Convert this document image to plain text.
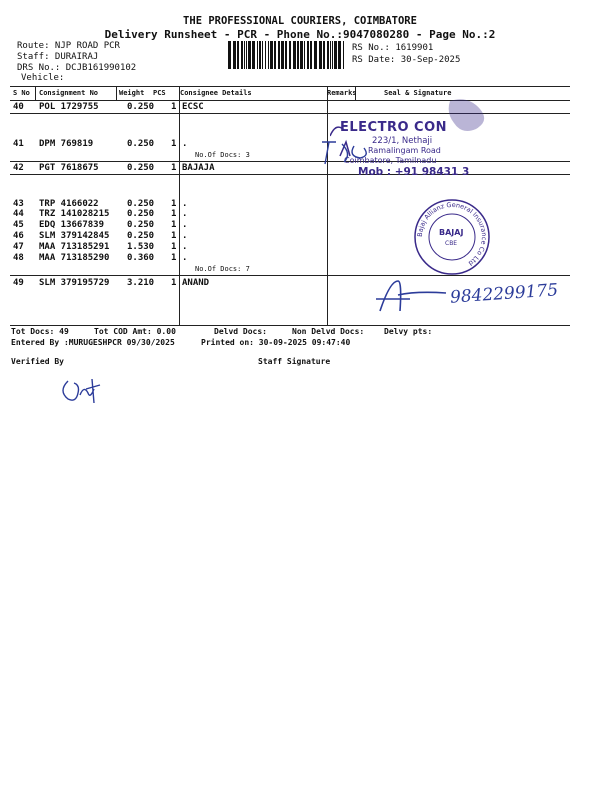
THE PROFESSIONAL COURIERS, COIMBATORE
Delivery Runsheet - PCR - Phone No.:9047080280 - Page No.:2
Route: NJP ROAD PCR
Staff: DURAIRAJ
DRS No.: DCJB161990102
Vehicle:
RS No.: 1619901
RS Date: 30-Sep-2025
S No Consignment No	Weight PCS Consignee Details	Remarks	Seal & Signature
40 POL 1729755	0.250 1 ECSC
41 DPM 769819	0.250 1 .
No.Of Docs: 3
42 PGT 7618675	0.250 1 BAJAJA
43 TRP 4166022	0.250 1 .
44 TRZ 141028215 0.250 1 .
45 EDQ 13667839	0.250 1 .
46 SLM 379142845 0.250 1 .
47 MAA 713185291 1.530 1 .
48 MAA 713185290 0.360 1 .
No.Of Docs: 7
49 SLM 379195729 3.210 1 ANAND
Tot Docs: 49	Tot COD Amt: 0.00	Delvd Docs:	Non Delvd Docs: Delvy pts:
Entered By :MURUGESHPCR 09/30/2025	Printed on: 30-09-2025 09:47:40
Verified By	Staff Signature
ELECTRO CON
223/1, Nethaji
Ramalingam Road
Coimbatore, Tamilnadu
Mob : +91 98431 3
Bajaj Allianz General Insurance Co Ltd
BAJAJ
CBE
9842299175
